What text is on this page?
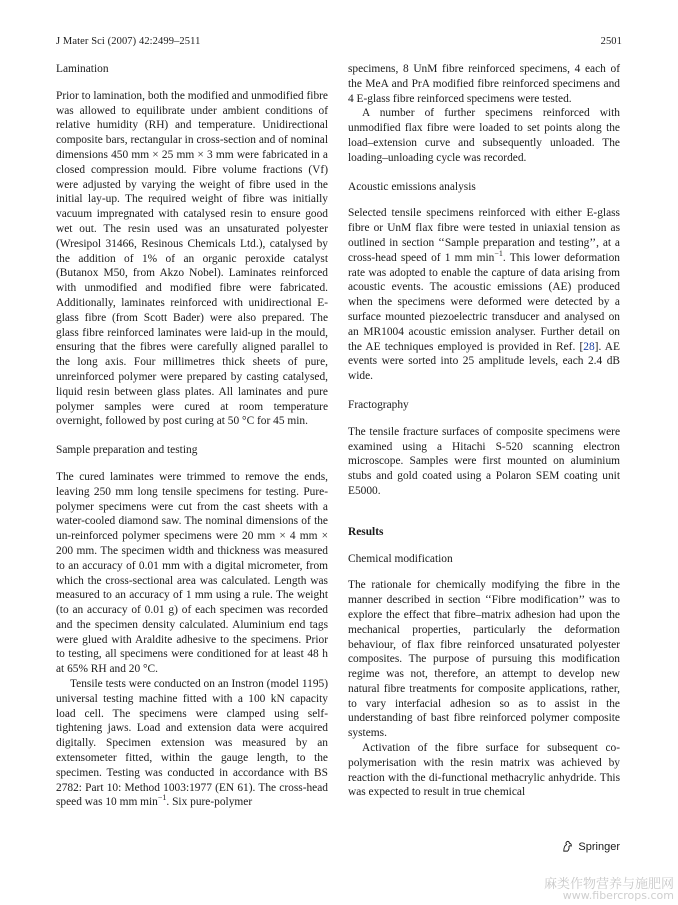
J Mater Sci (2007) 42:2499–2511	2501

Lamination

Prior to lamination, both the modified and unmodified fibre was allowed to equilibrate under ambient conditions of relative humidity (RH) and temperature. Unidirectional composite bars, rectangular in cross-section and of nominal dimensions 450 mm × 25 mm × 3 mm were fabricated in a closed compression mould. Fibre volume fractions (Vf) were adjusted by varying the weight of fibre used in the initial lay-up. The required weight of fibre was initially vacuum impregnated with catalysed resin to ensure good wet out. The resin used was an unsaturated polyester (Wresipol 31466, Resinous Chemicals Ltd.), catalysed by the addition of 1% of an organic peroxide catalyst (Butanox M50, from Akzo Nobel). Laminates reinforced with unmodified and modified fibre were fabricated. Additionally, laminates reinforced with unidirectional E-glass fibre (from Scott Bader) were also prepared. The glass fibre reinforced laminates were laid-up in the mould, ensuring that the fibres were carefully aligned parallel to the long axis. Four millimetres thick sheets of pure, unreinforced polymer were prepared by casting catalysed, liquid resin between glass plates. All laminates and pure polymer samples were cured at room temperature overnight, followed by post curing at 50 °C for 45 min.

Sample preparation and testing

The cured laminates were trimmed to remove the ends, leaving 250 mm long tensile specimens for testing. Pure-polymer specimens were cut from the cast sheets with a water-cooled diamond saw. The nominal dimensions of the un-reinforced polymer specimens were 20 mm × 4 mm × 200 mm. The specimen width and thickness was measured to an accuracy of 0.01 mm with a digital micrometer, from which the cross-sectional area was calculated. Length was measured to an accuracy of 1 mm using a rule. The weight (to an accuracy of 0.01 g) of each specimen was recorded and the specimen density calculated. Aluminium end tags were glued with Araldite adhesive to the specimens. Prior to testing, all specimens were conditioned for at least 48 h at 65% RH and 20 °C.

Tensile tests were conducted on an Instron (model 1195) universal testing machine fitted with a 100 kN capacity load cell. The specimens were clamped using self-tightening jaws. Load and extension data were acquired digitally. Specimen extension was measured by an extensometer fitted, within the gauge length, to the specimen. Testing was conducted in accordance with BS 2782: Part 10: Method 1003:1977 (EN 61). The cross-head speed was 10 mm $\min^{-1}$. Six pure-polymer

specimens, 8 UnM fibre reinforced specimens, 4 each of the MeA and PrA modified fibre reinforced specimens and 4 E-glass fibre reinforced specimens were tested.

A number of further specimens reinforced with unmodified flax fibre were loaded to set points along the load–extension curve and subsequently unloaded. The loading–unloading cycle was recorded.

Acoustic emissions analysis

Selected tensile specimens reinforced with either E-glass fibre or UnM flax fibre were tested in uniaxial tension as outlined in section ‘‘Sample preparation and testing’’, at a cross-head speed of 1 mm $\min^{-1}$. This lower deformation rate was adopted to enable the capture of data arising from acoustic events. The acoustic emissions (AE) produced when the specimens were deformed were detected by a surface mounted piezoelectric transducer and analysed on an MR1004 acoustic emission analyser. Further detail on the AE techniques employed is provided in Ref. [28]. AE events were sorted into 25 amplitude levels, each 2.4 dB wide.

Fractography

The tensile fracture surfaces of composite specimens were examined using a Hitachi S-520 scanning electron microscope. Samples were first mounted on aluminium stubs and gold coated using a Polaron SEM coating unit E5000.

Results

Chemical modification

The rationale for chemically modifying the fibre in the manner described in section ‘‘Fibre modification’’ was to explore the effect that fibre–matrix adhesion had upon the mechanical properties, particularly the deformation behaviour, of flax fibre reinforced unsaturated polyester composites. The purpose of pursuing this modification regime was not, therefore, an attempt to develop new natural fibre treatments for composite applications, rather, to vary interfacial adhesion so as to assist in the understanding of bast fibre reinforced polymer composite systems.

Activation of the fibre surface for subsequent co-polymerisation with the resin matrix was achieved by reaction with the di-functional methacrylic anhydride. This was expected to result in true chemical

Springer
麻类作物营养与施肥网
www.fibercrops.com
